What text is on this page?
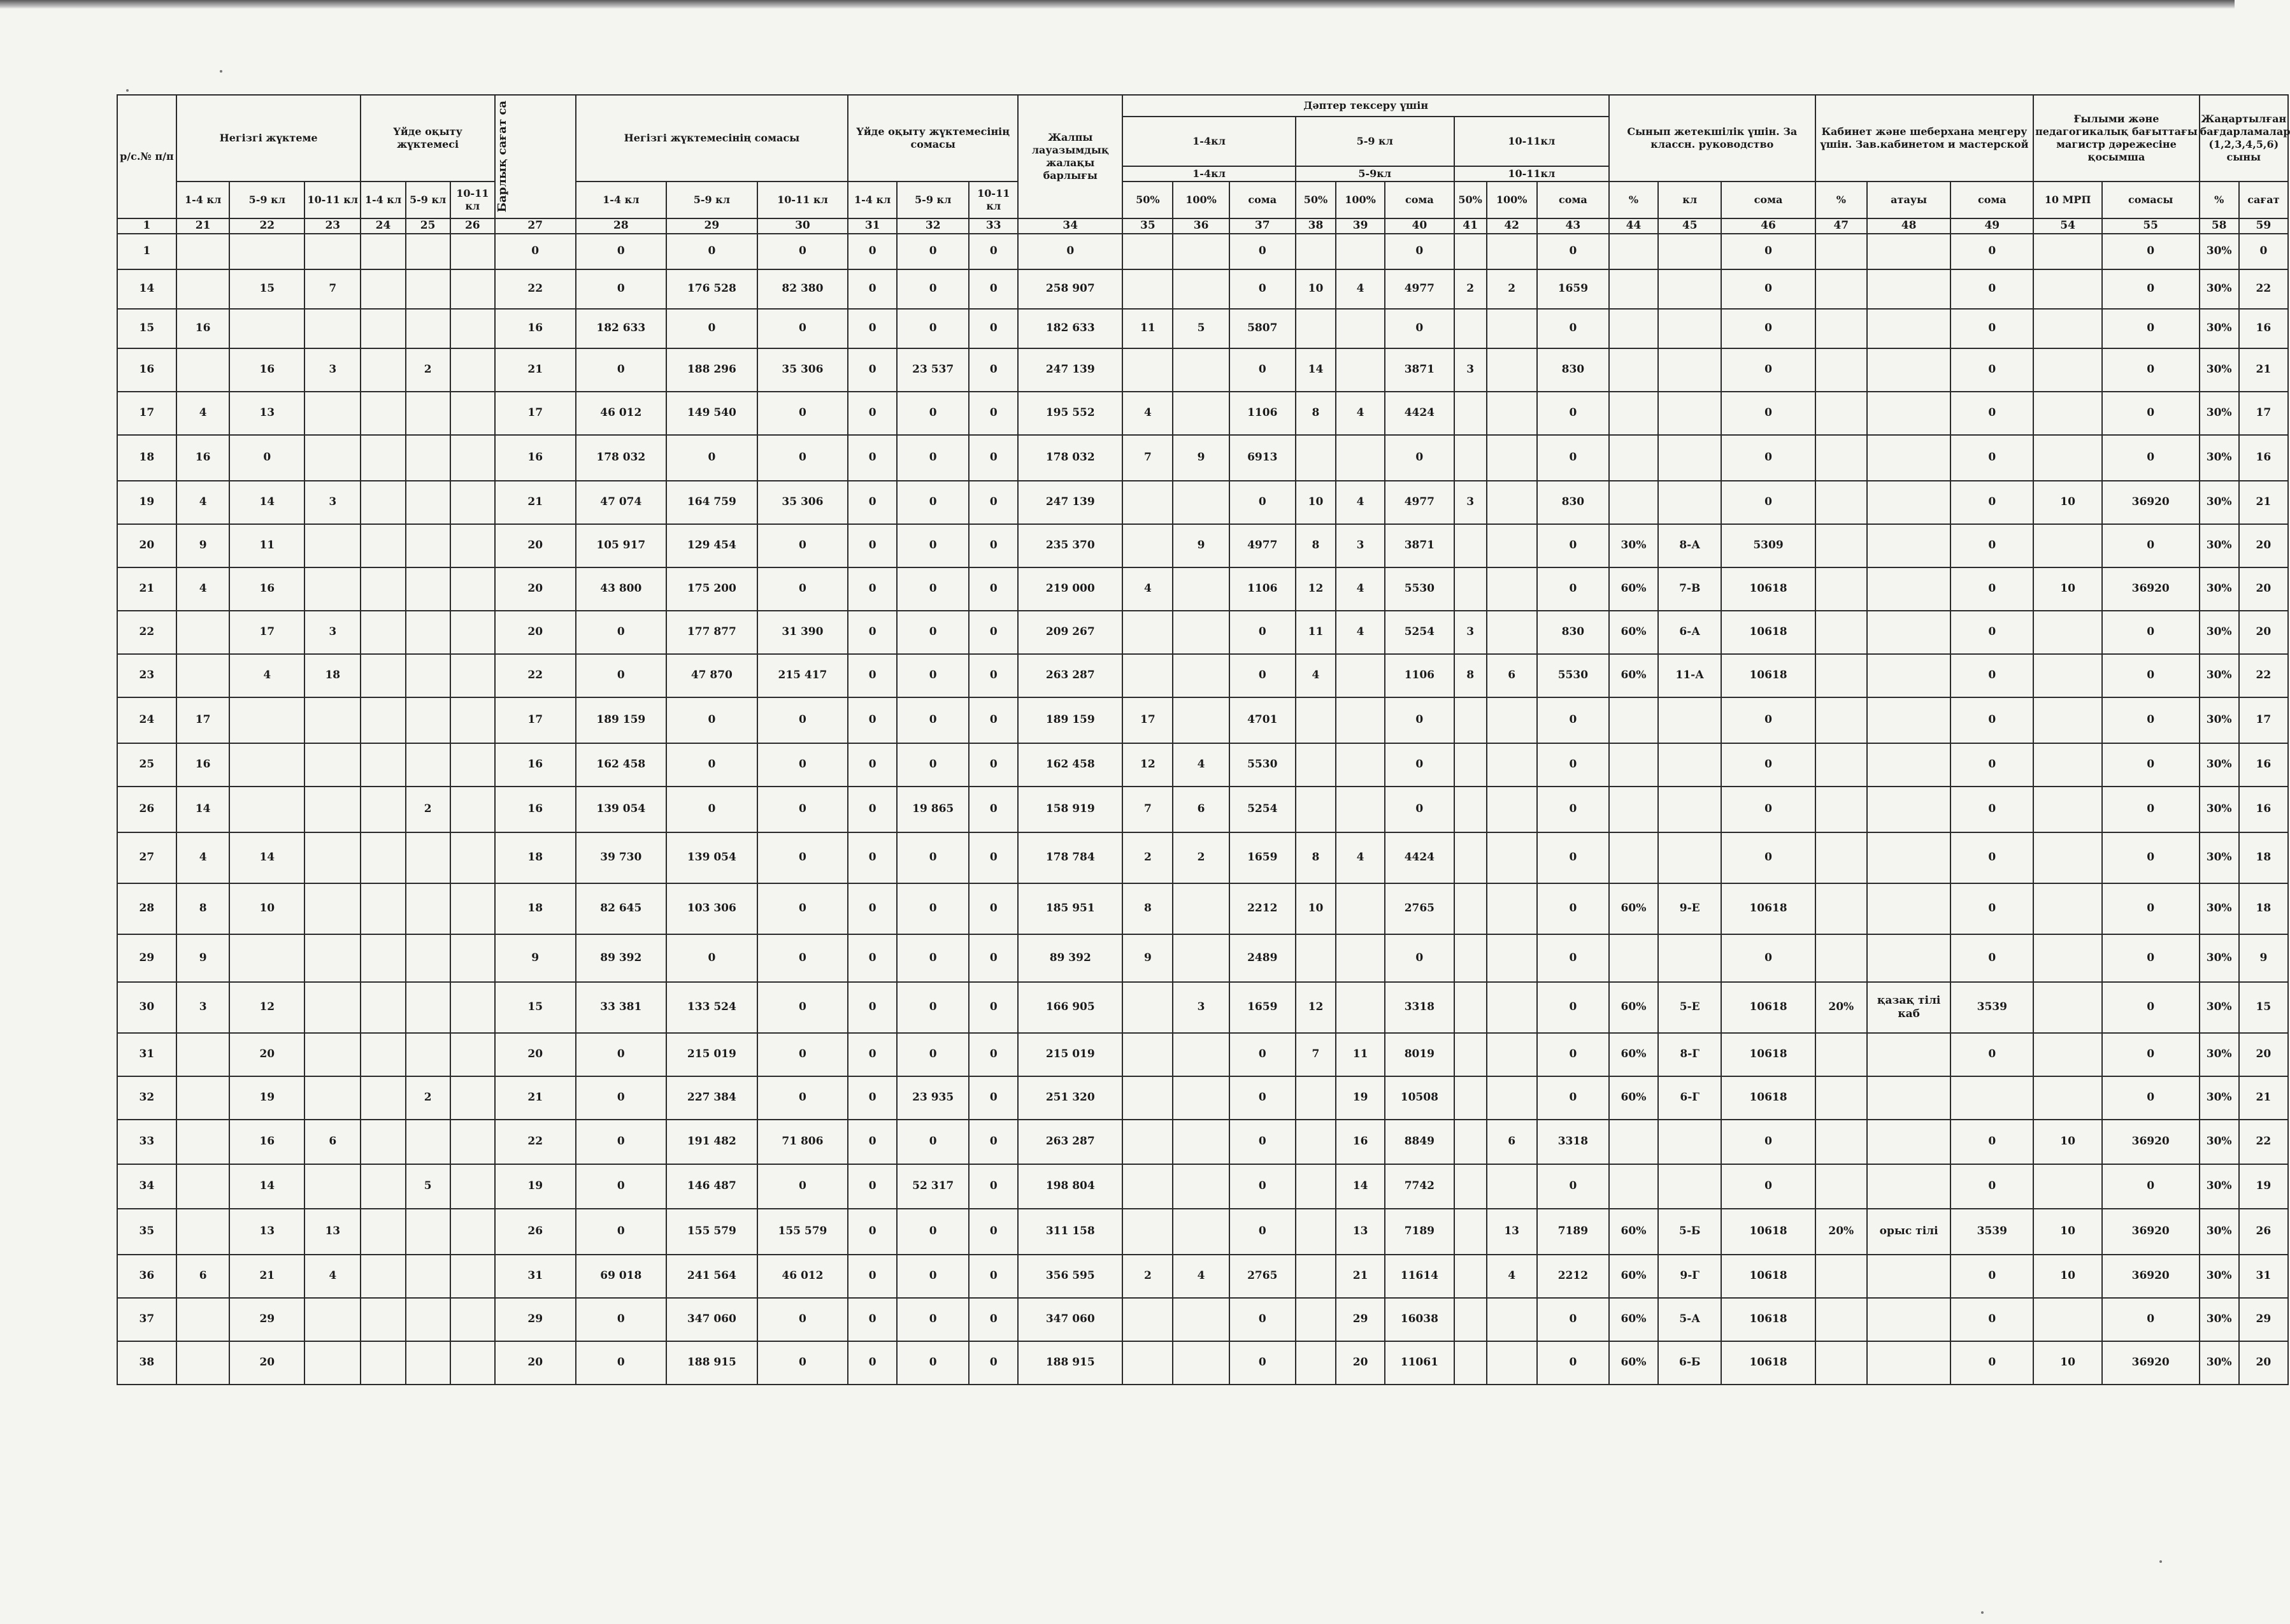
р/с.№ п/п	Негізгі жүктеме			Үйде оқыту жүктемесі			Барлық сағат са	Негізгі жүктемесінің сомасы			Үйде оқыту жүктемесінің сомасы			Жалпы лауазымдық жалақы барлығы	Дәптер тексеру үшін									Сынып жетекшілік үшін. За классн. руководство			Кабинет және шеберхана меңгеру үшін. Зав.кабинетом и мастерской			Ғылыми және педагогикалық бағыттағы магистр дәрежесіне қосымша		Жаңартылған бағдарламалар (1,2,3,4,5,6) сыны	
															1-4кл			5-9 кл			10-11кл												
															1-4кл			5-9кл			10-11кл												
	1-4 кл	5-9 кл	10-11 кл	1-4 кл	5-9 кл	10-11 кл		1-4 кл	5-9 кл	10-11 кл	1-4 кл	5-9 кл	10-11 кл		50%	100%	сома	50%	100%	сома	50%	100%	сома	%	кл	сома	%	атауы	сома	10 МРП	сомасы	%	сағат
1	21	22	23	24	25	26	27	28	29	30	31	32	33	34	35	36	37	38	39	40	41	42	43	44	45	46	47	48	49	54	55	58	59
1							0	0	0	0	0	0	0	0			0			0			0			0			0		0	30%	0
14		15	7				22	0	176 528	82 380	0	0	0	258 907			0	10	4	4977	2	2	1659			0			0		0	30%	22
15	16						16	182 633	0	0	0	0	0	182 633	11	5	5807			0			0			0			0		0	30%	16
16		16	3		2		21	0	188 296	35 306	0	23 537	0	247 139			0	14		3871	3		830			0			0		0	30%	21
17	4	13					17	46 012	149 540	0	0	0	0	195 552	4		1106	8	4	4424			0			0			0		0	30%	17
18	16	0					16	178 032	0	0	0	0	0	178 032	7	9	6913			0			0			0			0		0	30%	16
19	4	14	3				21	47 074	164 759	35 306	0	0	0	247 139			0	10	4	4977	3		830			0			0	10	36920	30%	21
20	9	11					20	105 917	129 454	0	0	0	0	235 370		9	4977	8	3	3871			0	30%	8-А	5309			0		0	30%	20
21	4	16					20	43 800	175 200	0	0	0	0	219 000	4		1106	12	4	5530			0	60%	7-В	10618			0	10	36920	30%	20
22		17	3				20	0	177 877	31 390	0	0	0	209 267			0	11	4	5254	3		830	60%	6-А	10618			0		0	30%	20
23		4	18				22	0	47 870	215 417	0	0	0	263 287			0	4		1106	8	6	5530	60%	11-А	10618			0		0	30%	22
24	17						17	189 159	0	0	0	0	0	189 159	17		4701			0			0			0			0		0	30%	17
25	16						16	162 458	0	0	0	0	0	162 458	12	4	5530			0			0			0			0		0	30%	16
26	14				2		16	139 054	0	0	0	19 865	0	158 919	7	6	5254			0			0			0			0		0	30%	16
27	4	14					18	39 730	139 054	0	0	0	0	178 784	2	2	1659	8	4	4424			0			0			0		0	30%	18
28	8	10					18	82 645	103 306	0	0	0	0	185 951	8		2212	10		2765			0	60%	9-Е	10618			0		0	30%	18
29	9						9	89 392	0	0	0	0	0	89 392	9		2489			0			0			0			0		0	30%	9
30	3	12					15	33 381	133 524	0	0	0	0	166 905		3	1659	12		3318			0	60%	5-Е	10618	20%	қазақ тілі каб	3539		0	30%	15
31		20					20	0	215 019	0	0	0	0	215 019			0	7	11	8019			0	60%	8-Г	10618			0		0	30%	20
32		19			2		21	0	227 384	0	0	23 935	0	251 320			0		19	10508			0	60%	6-Г	10618					0	30%	21
33		16	6				22	0	191 482	71 806	0	0	0	263 287			0		16	8849		6	3318			0			0	10	36920	30%	22
34		14			5		19	0	146 487	0	0	52 317	0	198 804			0		14	7742			0			0			0		0	30%	19
35		13	13				26	0	155 579	155 579	0	0	0	311 158			0		13	7189		13	7189	60%	5-Б	10618	20%	орыс тілі	3539	10	36920	30%	26
36	6	21	4				31	69 018	241 564	46 012	0	0	0	356 595	2	4	2765		21	11614		4	2212	60%	9-Г	10618			0	10	36920	30%	31
37		29					29	0	347 060	0	0	0	0	347 060			0		29	16038			0	60%	5-А	10618			0		0	30%	29
38		20					20	0	188 915	0	0	0	0	188 915			0		20	11061			0	60%	6-Б	10618			0	10	36920	30%	20
